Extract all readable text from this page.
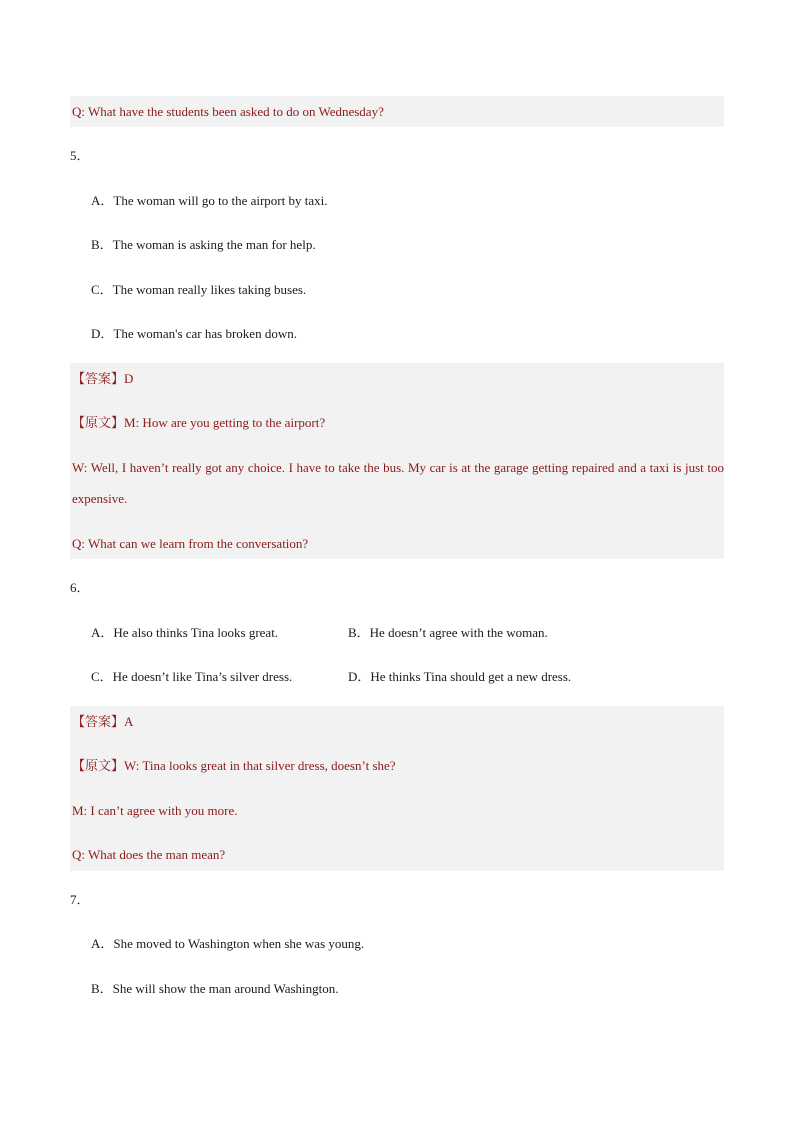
Q: What have the students been asked to do on Wednesday?
5．
A．The woman will go to the airport by taxi.
B．The woman is asking the man for help.
C．The woman really likes taking buses.
D．The woman's car has broken down.
【答案】D
【原文】M: How are you getting to the airport?
W: Well, I haven’t really got any choice. I have to take the bus. My car is at the garage getting repaired and a taxi is just too expensive.
Q: What can we learn from the conversation?
6．
A．He also thinks Tina looks great.	B．He doesn’t agree with the woman.
C．He doesn’t like Tina’s silver dress.	D．He thinks Tina should get a new dress.
【答案】A
【原文】W: Tina looks great in that silver dress, doesn’t she?
M: I can’t agree with you more.
Q: What does the man mean?
7．
A．She moved to Washington when she was young.
B．She will show the man around Washington.
